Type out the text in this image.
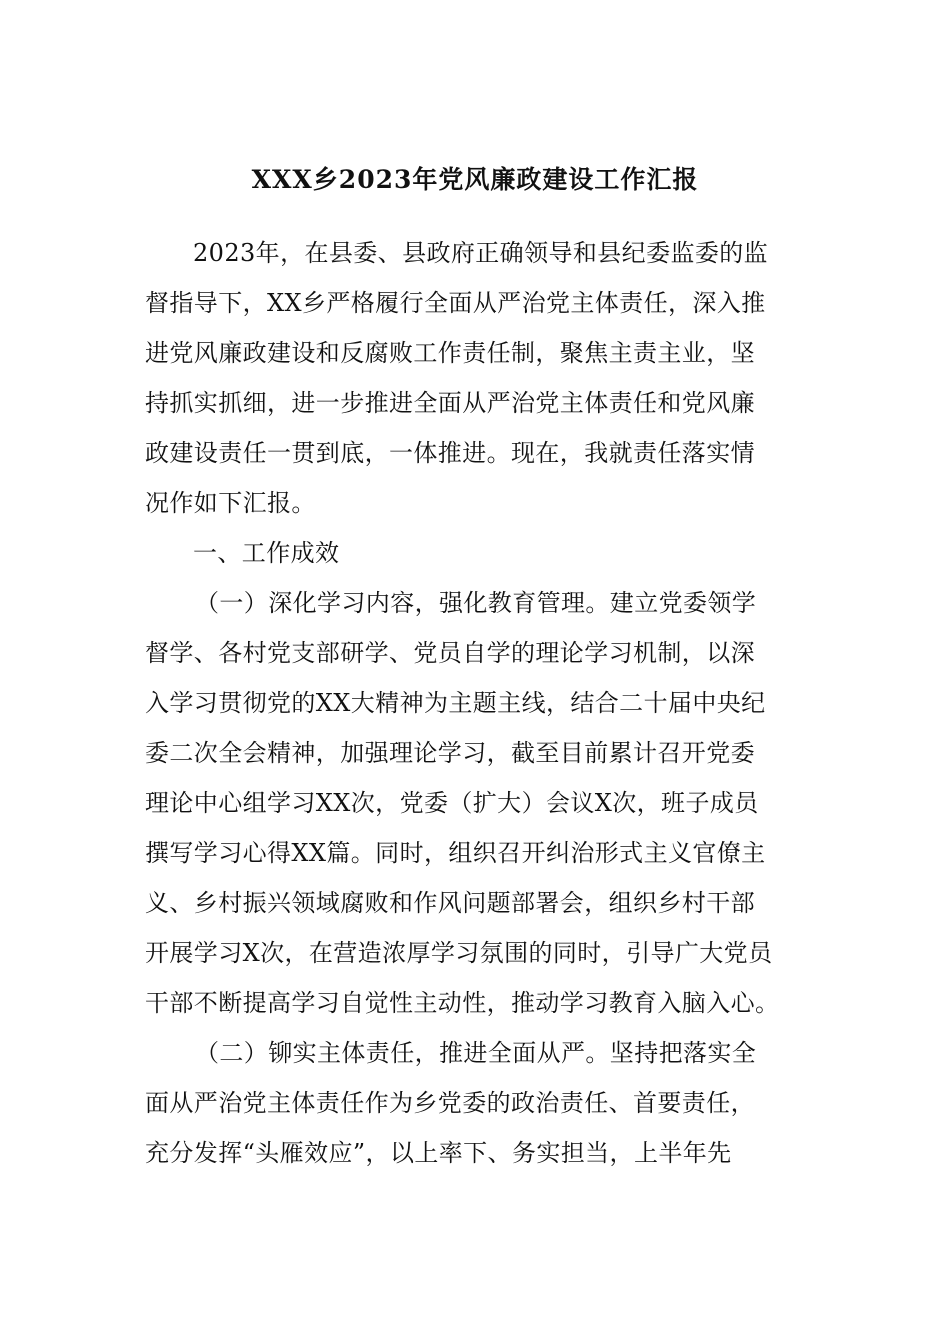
XXX乡2023年党风廉政建设工作汇报
2023年，在县委、县政府正确领导和县纪委监委的监
督指导下，XX乡严格履行全面从严治党主体责任，深入推
进党风廉政建设和反腐败工作责任制，聚焦主责主业，坚
持抓实抓细，进一步推进全面从严治党主体责任和党风廉
政建设责任一贯到底，一体推进。现在，我就责任落实情
况作如下汇报。
一、工作成效
（一）深化学习内容，强化教育管理。建立党委领学
督学、各村党支部研学、党员自学的理论学习机制，以深
入学习贯彻党的XX大精神为主题主线，结合二十届中央纪
委二次全会精神，加强理论学习，截至目前累计召开党委
理论中心组学习XX次，党委（扩大）会议X次，班子成员
撰写学习心得XX篇。同时，组织召开纠治形式主义官僚主
义、乡村振兴领域腐败和作风问题部署会，组织乡村干部
开展学习X次，在营造浓厚学习氛围的同时，引导广大党员
干部不断提高学习自觉性主动性，推动学习教育入脑入心。
（二）铆实主体责任，推进全面从严。坚持把落实全
面从严治党主体责任作为乡党委的政治责任、首要责任，
充分发挥“头雁效应”，以上率下、务实担当，上半年先
